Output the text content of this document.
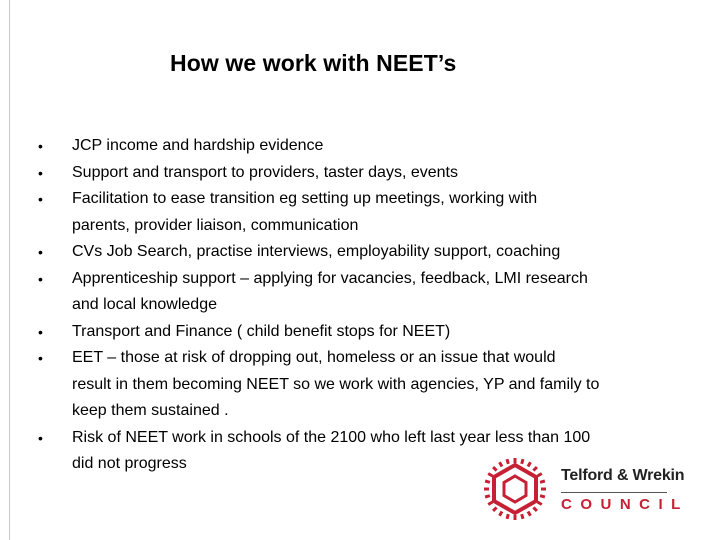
How we work with NEET’s
• JCP income and hardship evidence
• Support and transport to providers, taster days, events
• Facilitation to ease transition eg setting up meetings, working with
parents, provider liaison, communication
• CVs Job Search, practise interviews, employability support, coaching
• Apprenticeship support – applying for vacancies, feedback, LMI research
and local knowledge
• Transport and Finance ( child benefit stops for NEET)
• EET – those at risk of dropping out, homeless or an issue that would
result in them becoming NEET so we work with agencies, YP and family to
keep them sustained .
• Risk of NEET work in schools of the 2100 who left last year less than 100
did not progress
Telford & Wrekin
COUNCIL
